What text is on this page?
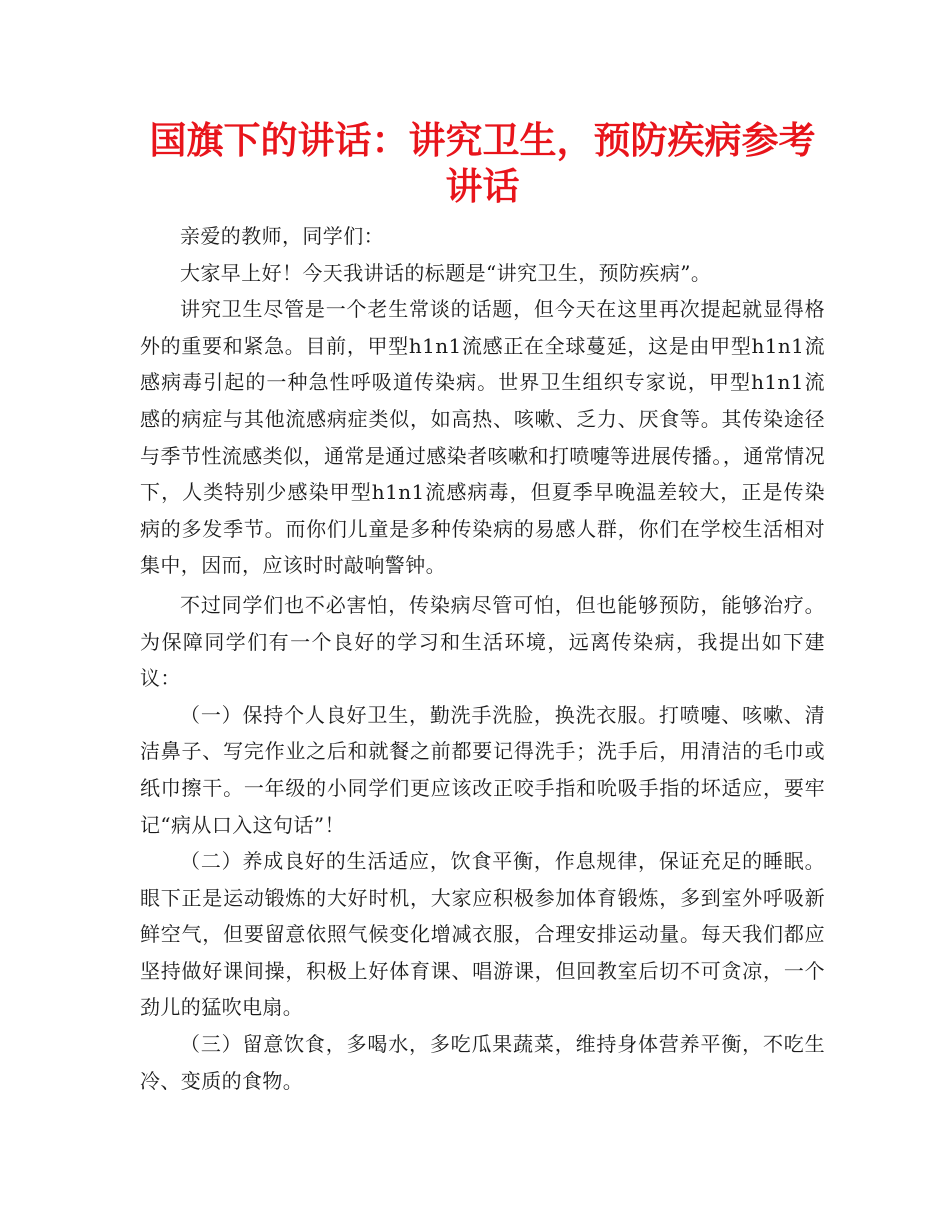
国旗下的讲话：讲究卫生，预防疾病参考讲话

亲爱的教师，同学们：

大家早上好！今天我讲话的标题是“讲究卫生，预防疾病”。

讲究卫生尽管是一个老生常谈的话题，但今天在这里再次提起就显得格外的重要和紧急。目前，甲型h1n1流感正在全球蔓延，这是由甲型h1n1流感病毒引起的一种急性呼吸道传染病。世界卫生组织专家说，甲型h1n1流感的病症与其他流感病症类似，如高热、咳嗽、乏力、厌食等。其传染途径与季节性流感类似，通常是通过感染者咳嗽和打喷嚏等进展传播。，通常情况下，人类特别少感染甲型h1n1流感病毒，但夏季早晚温差较大，正是传染病的多发季节。而你们儿童是多种传染病的易感人群，你们在学校生活相对集中，因而，应该时时敲响警钟。

不过同学们也不必害怕，传染病尽管可怕，但也能够预防，能够治疗。为保障同学们有一个良好的学习和生活环境，远离传染病，我提出如下建议：

（一）保持个人良好卫生，勤洗手洗脸，换洗衣服。打喷嚏、咳嗽、清洁鼻子、写完作业之后和就餐之前都要记得洗手；洗手后，用清洁的毛巾或纸巾擦干。一年级的小同学们更应该改正咬手指和吮吸手指的坏适应，要牢记“病从口入这句话”！

（二）养成良好的生活适应，饮食平衡，作息规律，保证充足的睡眠。眼下正是运动锻炼的大好时机，大家应积极参加体育锻炼，多到室外呼吸新鲜空气，但要留意依照气候变化增减衣服，合理安排运动量。每天我们都应坚持做好课间操，积极上好体育课、唱游课，但回教室后切不可贪凉，一个劲儿的猛吹电扇。

（三）留意饮食，多喝水，多吃瓜果蔬菜，维持身体营养平衡，不吃生冷、变质的食物。
